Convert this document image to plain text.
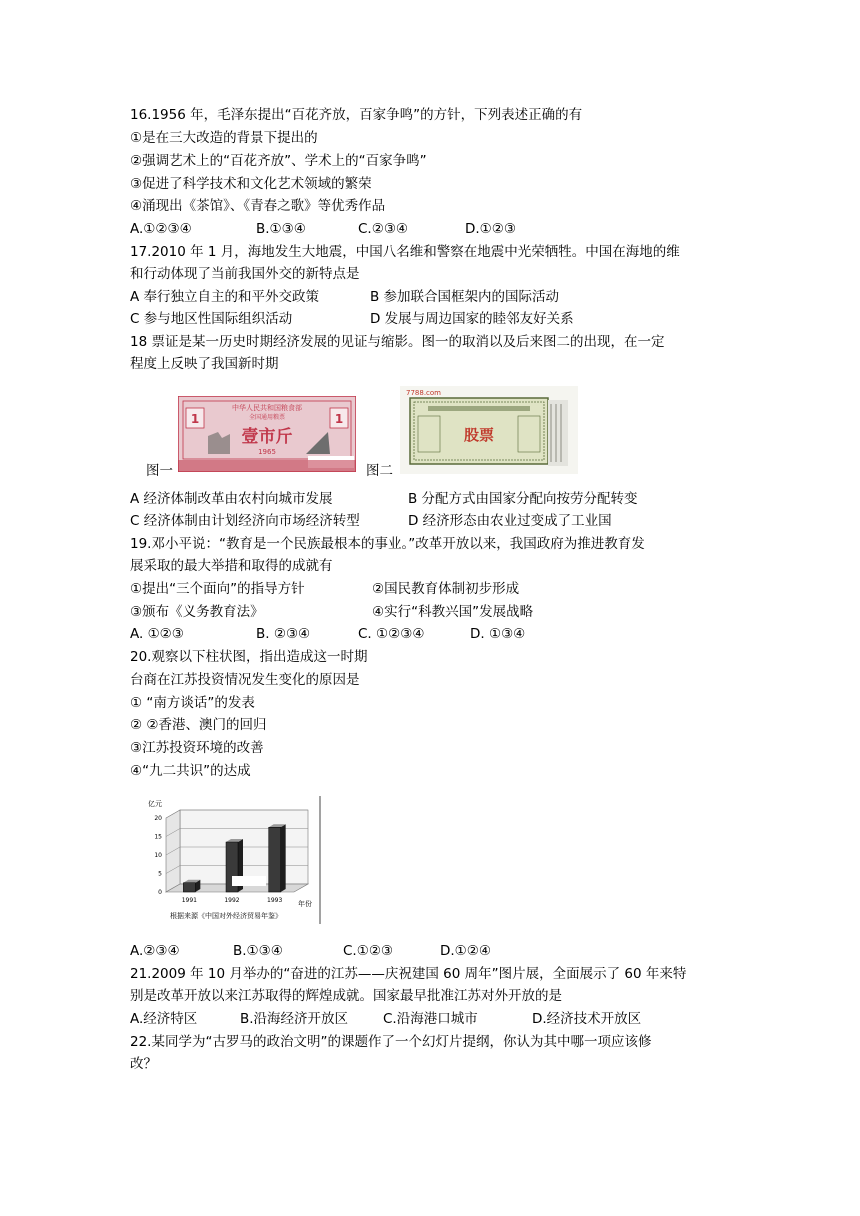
16.1956 年，毛泽东提出“百花齐放，百家争鸣”的方针，下列表述正确的有
①是在三大改造的背景下提出的
②强调艺术上的“百花齐放”、学术上的“百家争鸣”
③促进了科学技术和文化艺术领域的繁荣
④涌现出《茶馆》、《青春之歌》等优秀作品
A.①②③④	B.①③④	C.②③④	D.①②③
17.2010 年 1 月，海地发生大地震，中国八名维和警察在地震中光荣牺牲。中国在海地的维
和行动体现了当前我国外交的新特点是
A 奉行独立自主的和平外交政策	B 参加联合国框架内的国际活动
C 参与地区性国际组织活动	D 发展与周边国家的睦邻友好关系
18 票证是某一历史时期经济发展的见证与缩影。图一的取消以及后来图二的出现，在一定
程度上反映了我国新时期
图一
1	1
中华人民共和国粮食部
全国通用粮票
壹市斤
1965
图二
7788.com
股票
A 经济体制改革由农村向城市发展	B 分配方式由国家分配向按劳分配转变
C 经济体制由计划经济向市场经济转型	D 经济形态由农业过变成了工业国
19.邓小平说：“教育是一个民族最根本的事业。”改革开放以来，我国政府为推进教育发
展采取的最大举措和取得的成就有
①提出“三个面向”的指导方针	②国民教育体制初步形成
③颁布《义务教育法》	④实行“科教兴国”发展战略
A. ①②③	B. ②③④	C. ①②③④	D. ①③④
20.观察以下柱状图，指出造成这一时期
台商在江苏投资情况发生变化的原因是
① “南方谈话”的发表
② ②香港、澳门的回归
③江苏投资环境的改善
④“九二共识”的达成
亿元
年份
根据来源《中国对外经济贸易年鉴》
0
5
10
15
20
1991	1992	1993
A.②③④	B.①③④	C.①②③	D.①②④
21.2009 年 10 月举办的“奋进的江苏——庆祝建国 60 周年”图片展，全面展示了 60 年来特
别是改革开放以来江苏取得的辉煌成就。国家最早批准江苏对外开放的是
A.经济特区	B.沿海经济开放区	C.沿海港口城市	D.经济技术开放区
22.某同学为“古罗马的政治文明”的课题作了一个幻灯片提纲，你认为其中哪一项应该修
改？
